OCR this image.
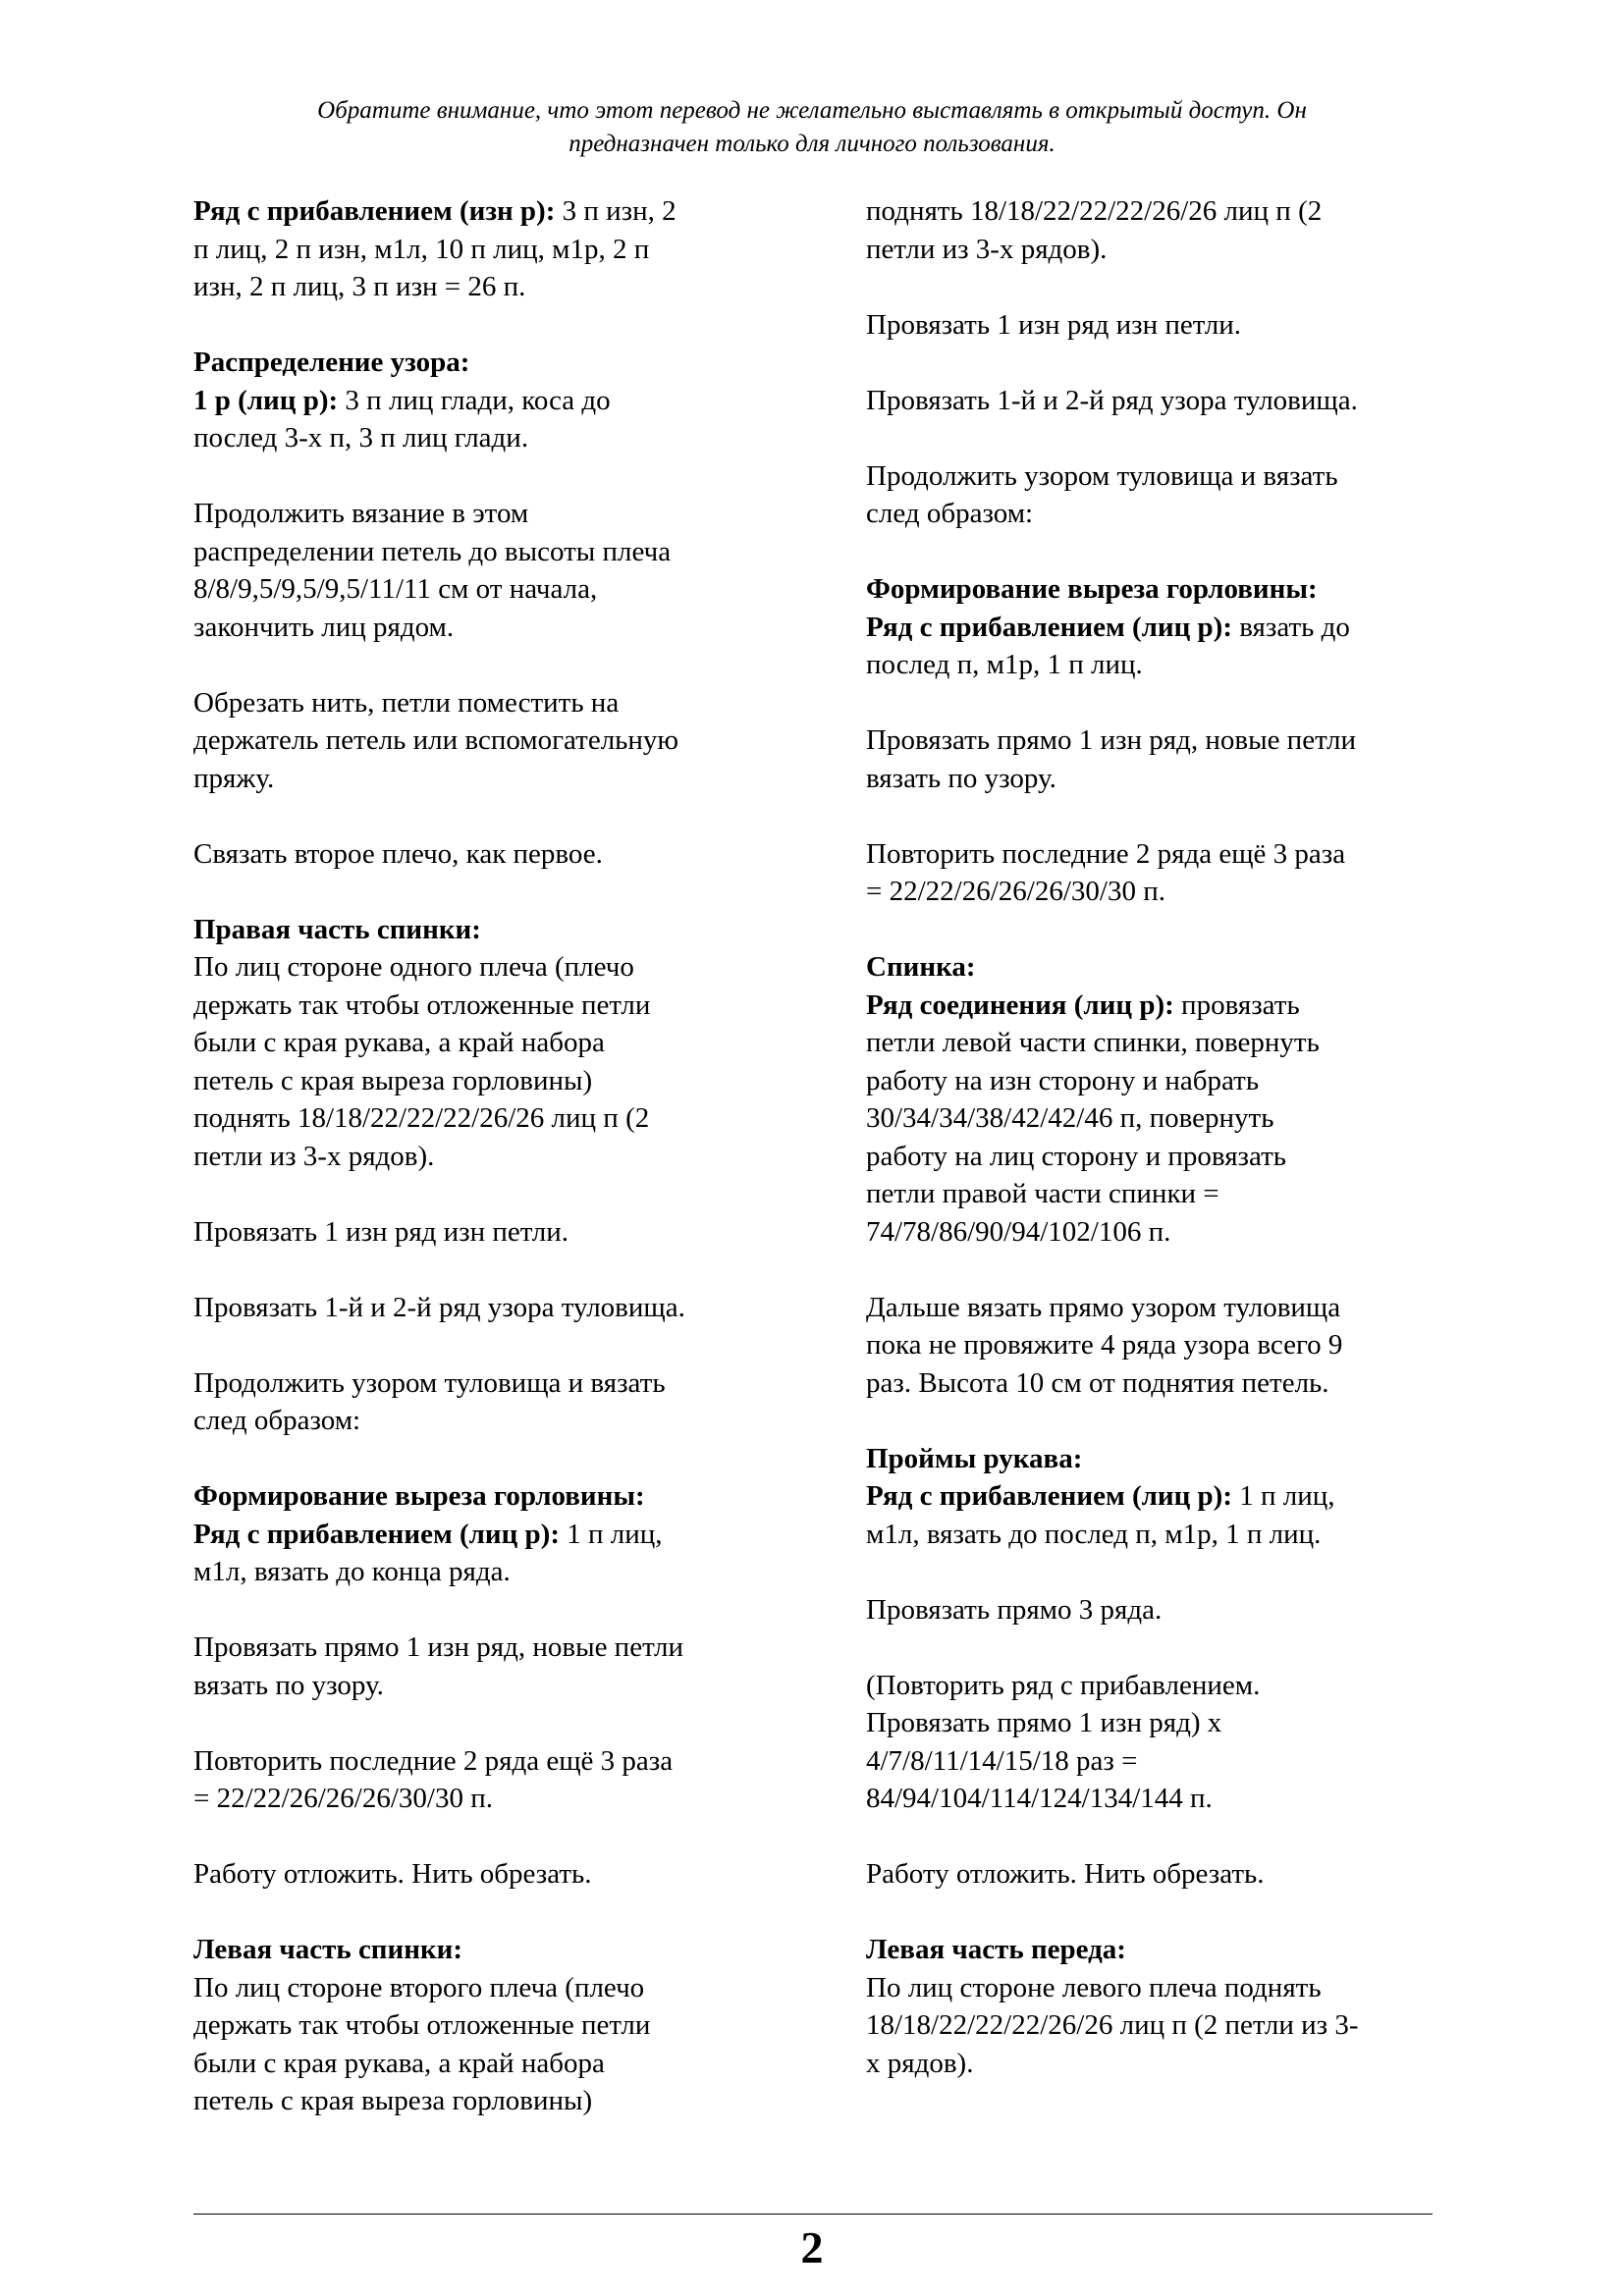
Обратите внимание, что этот перевод не желательно выставлять в открытый доступ. Он
предназначен только для личного пользования.
Ряд с прибавлением (изн р): 3 п изн, 2
п лиц, 2 п изн, м1л, 10 п лиц, м1р, 2 п
изн, 2 п лиц, 3 п изн = 26 п.
Распределение узора:
1 р (лиц р): 3 п лиц глади, коса до
послед 3-х п, 3 п лиц глади.
Продолжить вязание в этом
распределении петель до высоты плеча
8/8/9,5/9,5/9,5/11/11 см от начала,
закончить лиц рядом.
Обрезать нить, петли поместить на
держатель петель или вспомогательную
пряжу.
Связать второе плечо, как первое.
Правая часть спинки:
По лиц стороне одного плеча (плечо
держать так чтобы отложенные петли
были с края рукава, а край набора
петель с края выреза горловины)
поднять 18/18/22/22/22/26/26 лиц п (2
петли из 3-х рядов).
Провязать 1 изн ряд изн петли.
Провязать 1-й и 2-й ряд узора туловища.
Продолжить узором туловища и вязать
след образом:
Формирование выреза горловины:
Ряд с прибавлением (лиц р): 1 п лиц,
м1л, вязать до конца ряда.
Провязать прямо 1 изн ряд, новые петли
вязать по узору.
Повторить последние 2 ряда ещё 3 раза
= 22/22/26/26/26/30/30 п.
Работу отложить. Нить обрезать.
Левая часть спинки:
По лиц стороне второго плеча (плечо
держать так чтобы отложенные петли
были с края рукава, а край набора
петель с края выреза горловины)
поднять 18/18/22/22/22/26/26 лиц п (2
петли из 3-х рядов).
Провязать 1 изн ряд изн петли.
Провязать 1-й и 2-й ряд узора туловища.
Продолжить узором туловища и вязать
след образом:
Формирование выреза горловины:
Ряд с прибавлением (лиц р): вязать до
послед п, м1р, 1 п лиц.
Провязать прямо 1 изн ряд, новые петли
вязать по узору.
Повторить последние 2 ряда ещё 3 раза
= 22/22/26/26/26/30/30 п.
Спинка:
Ряд соединения (лиц р): провязать
петли левой части спинки, повернуть
работу на изн сторону и набрать
30/34/34/38/42/42/46 п, повернуть
работу на лиц сторону и провязать
петли правой части спинки =
74/78/86/90/94/102/106 п.
Дальше вязать прямо узором туловища
пока не провяжите 4 ряда узора всего 9
раз. Высота 10 см от поднятия петель.
Проймы рукава:
Ряд с прибавлением (лиц р): 1 п лиц,
м1л, вязать до послед п, м1р, 1 п лиц.
Провязать прямо 3 ряда.
(Повторить ряд с прибавлением.
Провязать прямо 1 изн ряд) х
4/7/8/11/14/15/18 раз =
84/94/104/114/124/134/144 п.
Работу отложить. Нить обрезать.
Левая часть переда:
По лиц стороне левого плеча поднять
18/18/22/22/22/26/26 лиц п (2 петли из 3-
х рядов).
2
